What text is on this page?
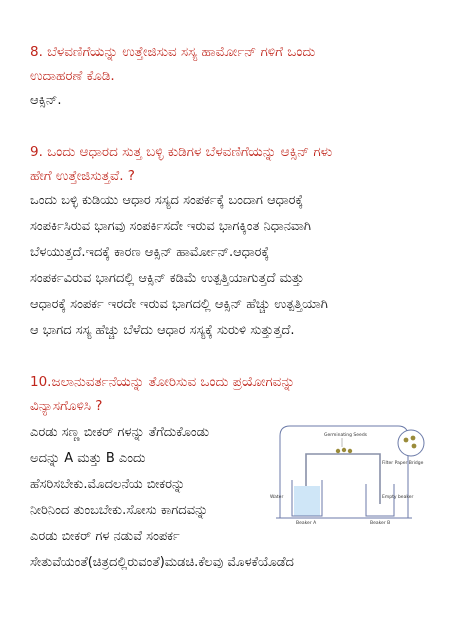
8. ಬೆಳವಣಿಗೆಯನ್ನು ಉತ್ತೇಜಿಸುವ ಸಸ್ಯ ಹಾರ್ಮೋನ್ ಗಳಿಗೆ ಒಂದು
ಉದಾಹರಣೆ ಕೊಡಿ.
ಆಕ್ಸಿನ್.
9. ಒಂದು ಆಧಾರದ ಸುತ್ತ ಬಳ್ಳಿ ಕುಡಿಗಳ ಬೆಳವಣಿಗೆಯನ್ನು ಆಕ್ಸಿನ್ ಗಳು
ಹೇಗೆ ಉತ್ತೇಜಿಸುತ್ತವೆ. ?
ಒಂದು ಬಳ್ಳಿ ಕುಡಿಯು ಆಧಾರ ಸಸ್ಯದ ಸಂಪರ್ಕಕ್ಕೆ ಬಂದಾಗ ಆಧಾರಕ್ಕೆ
ಸಂಪರ್ಕಿಸಿರುವ ಭಾಗವು ಸಂಪರ್ಕಿಸದೇ ಇರುವ ಭಾಗಕ್ಕಿಂತ ನಿಧಾನವಾಗಿ
ಬೆಳಯುತ್ತದೆ.ಇದಕ್ಕೆ ಕಾರಣ ಆಕ್ಸಿನ್ ಹಾರ್ಮೋನ್.ಆಧಾರಕ್ಕೆ
ಸಂಪರ್ಕವಿರುವ ಭಾಗದಲ್ಲಿ ಆಕ್ಸಿನ್ ಕಡಿಮೆ ಉತ್ಪತ್ತಿಯಾಗುತ್ತದೆ ಮತ್ತು
ಆಧಾರಕ್ಕೆ ಸಂಪರ್ಕ ಇರದೇ ಇರುವ ಭಾಗದಲ್ಲಿ ಆಕ್ಸಿನ್ ಹೆಚ್ಚು ಉತ್ಪತ್ತಿಯಾಗಿ
ಆ ಭಾಗದ ಸಸ್ಯ ಹೆಚ್ಚು ಬೆಳೆದು ಆಧಾರ ಸಸ್ಯಕ್ಕೆ ಸುರುಳಿ ಸುತ್ತುತ್ತದೆ.
10.ಜಲಾನುವರ್ತನೆಯನ್ನು ತೋರಿಸುವ ಒಂದು ಪ್ರಯೋಗವನ್ನು
ವಿನ್ಯಾಸಗೊಳಿಸಿ ?
ಎರಡು ಸಣ್ಣ ಬೀಕರ್ ಗಳನ್ನು ತೆಗೆದುಕೊಂಡು
ಅದನ್ನು A ಮತ್ತು B ಎಂದು
ಹೆಸರಿಸಬೇಕು.ಮೊದಲನೆಯ ಬೀಕರನ್ನು
ನೀರಿನಿಂದ ತುಂಬಬೇಕು.ಸೋಸು ಕಾಗದವನ್ನು
ಎರಡು ಬೀಕರ್ ಗಳ ನಡುವೆ ಸಂಪರ್ಕ
ಸೇತುವೆಯಂತೆ(ಚಿತ್ರದಲ್ಲಿರುವಂತೆ)ಮಡಚಿ.ಕೆಲವು ಮೊಳಕೆಯೊಡೆದ
Germinating Seeds
Filter Paper Bridge
Water	Empty beaker
Beaker A	Beaker B
